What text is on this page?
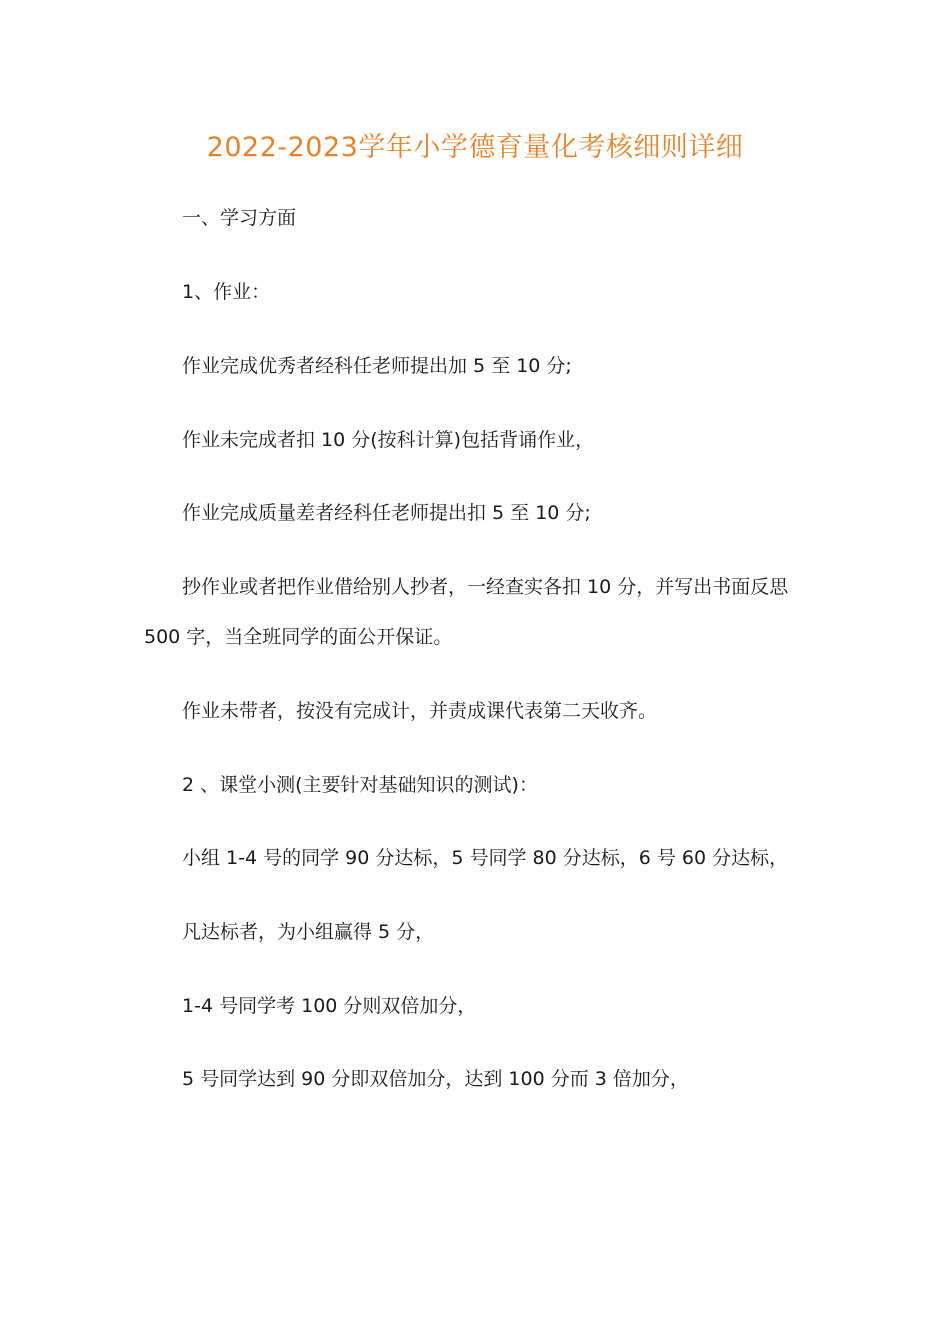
2022-2023学年小学德育量化考核细则详细
一、学习方面
1、作业：
作业完成优秀者经科任老师提出加 5 至 10 分;
作业未完成者扣 10 分(按科计算)包括背诵作业，
作业完成质量差者经科任老师提出扣 5 至 10 分;
抄作业或者把作业借给别人抄者，一经查实各扣 10 分，并写出书面反思
500 字，当全班同学的面公开保证。
作业未带者，按没有完成计，并责成课代表第二天收齐。
2 、课堂小测(主要针对基础知识的测试)：
小组 1-4 号的同学 90 分达标，5 号同学 80 分达标，6 号 60 分达标，
凡达标者，为小组赢得 5 分，
1-4 号同学考 100 分则双倍加分，
5 号同学达到 90 分即双倍加分，达到 100 分而 3 倍加分，
